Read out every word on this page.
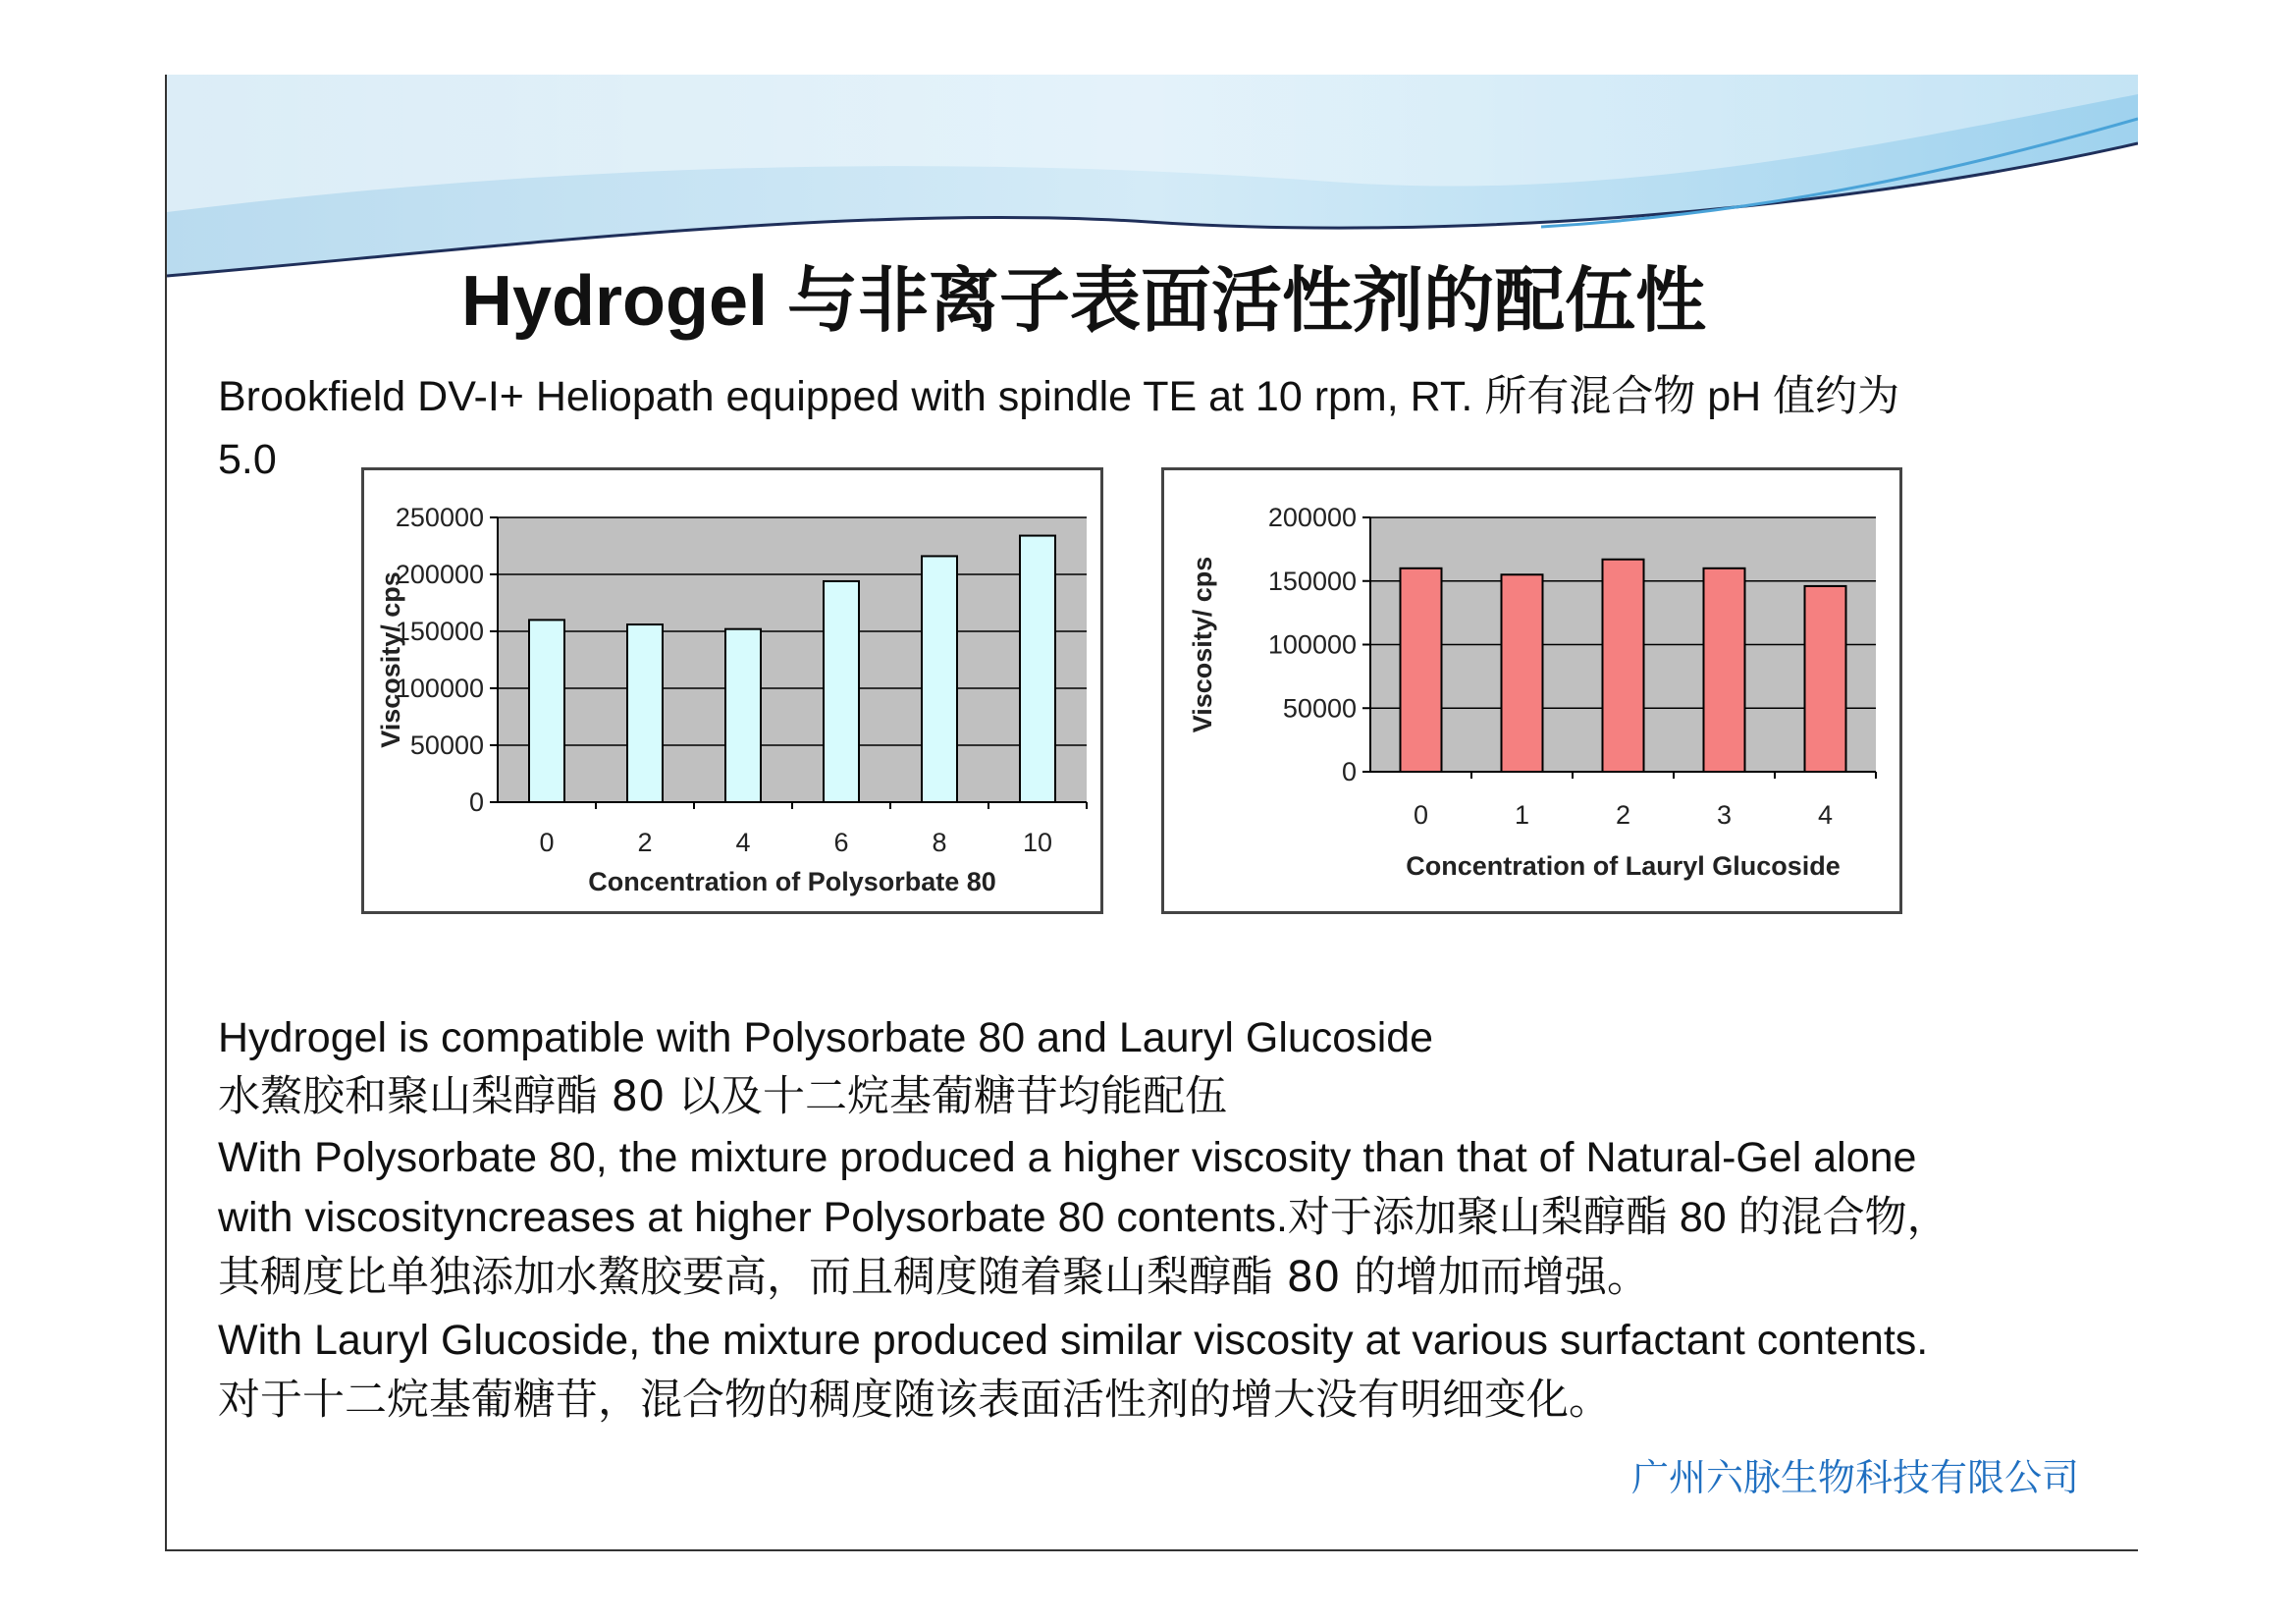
Hydrogel 与非离子表面活性剂的配伍性
Brookfield DV-I+ Heliopath equipped with spindle TE at 10 rpm, RT. 所有混合物 pH 值约为
5.0
0
50000
100000
150000
200000
250000
0	2	4	6	8	10
Concentration of Polysorbate 80
Viscosity/ cps
0
50000
100000
150000
200000
0	1	2	3	4
Concentration of Lauryl Glucoside
Viscosity/ cps
Hydrogel is compatible with Polysorbate 80 and Lauryl Glucoside
水鰲胶和聚山梨醇酯 80 以及十二烷基葡糖苷均能配伍
With Polysorbate 80, the mixture produced a higher viscosity than that of Natural-Gel alone
with viscosityncreases at higher Polysorbate 80 contents.对于添加聚山梨醇酯 80 的混合物，
其稠度比单独添加水鰲胶要高，而且稠度随着聚山梨醇酯 80 的增加而增强。
With Lauryl Glucoside, the mixture produced similar viscosity at various surfactant contents.
对于十二烷基葡糖苷，混合物的稠度随该表面活性剂的增大没有明细变化。
广州六脉生物科技有限公司
